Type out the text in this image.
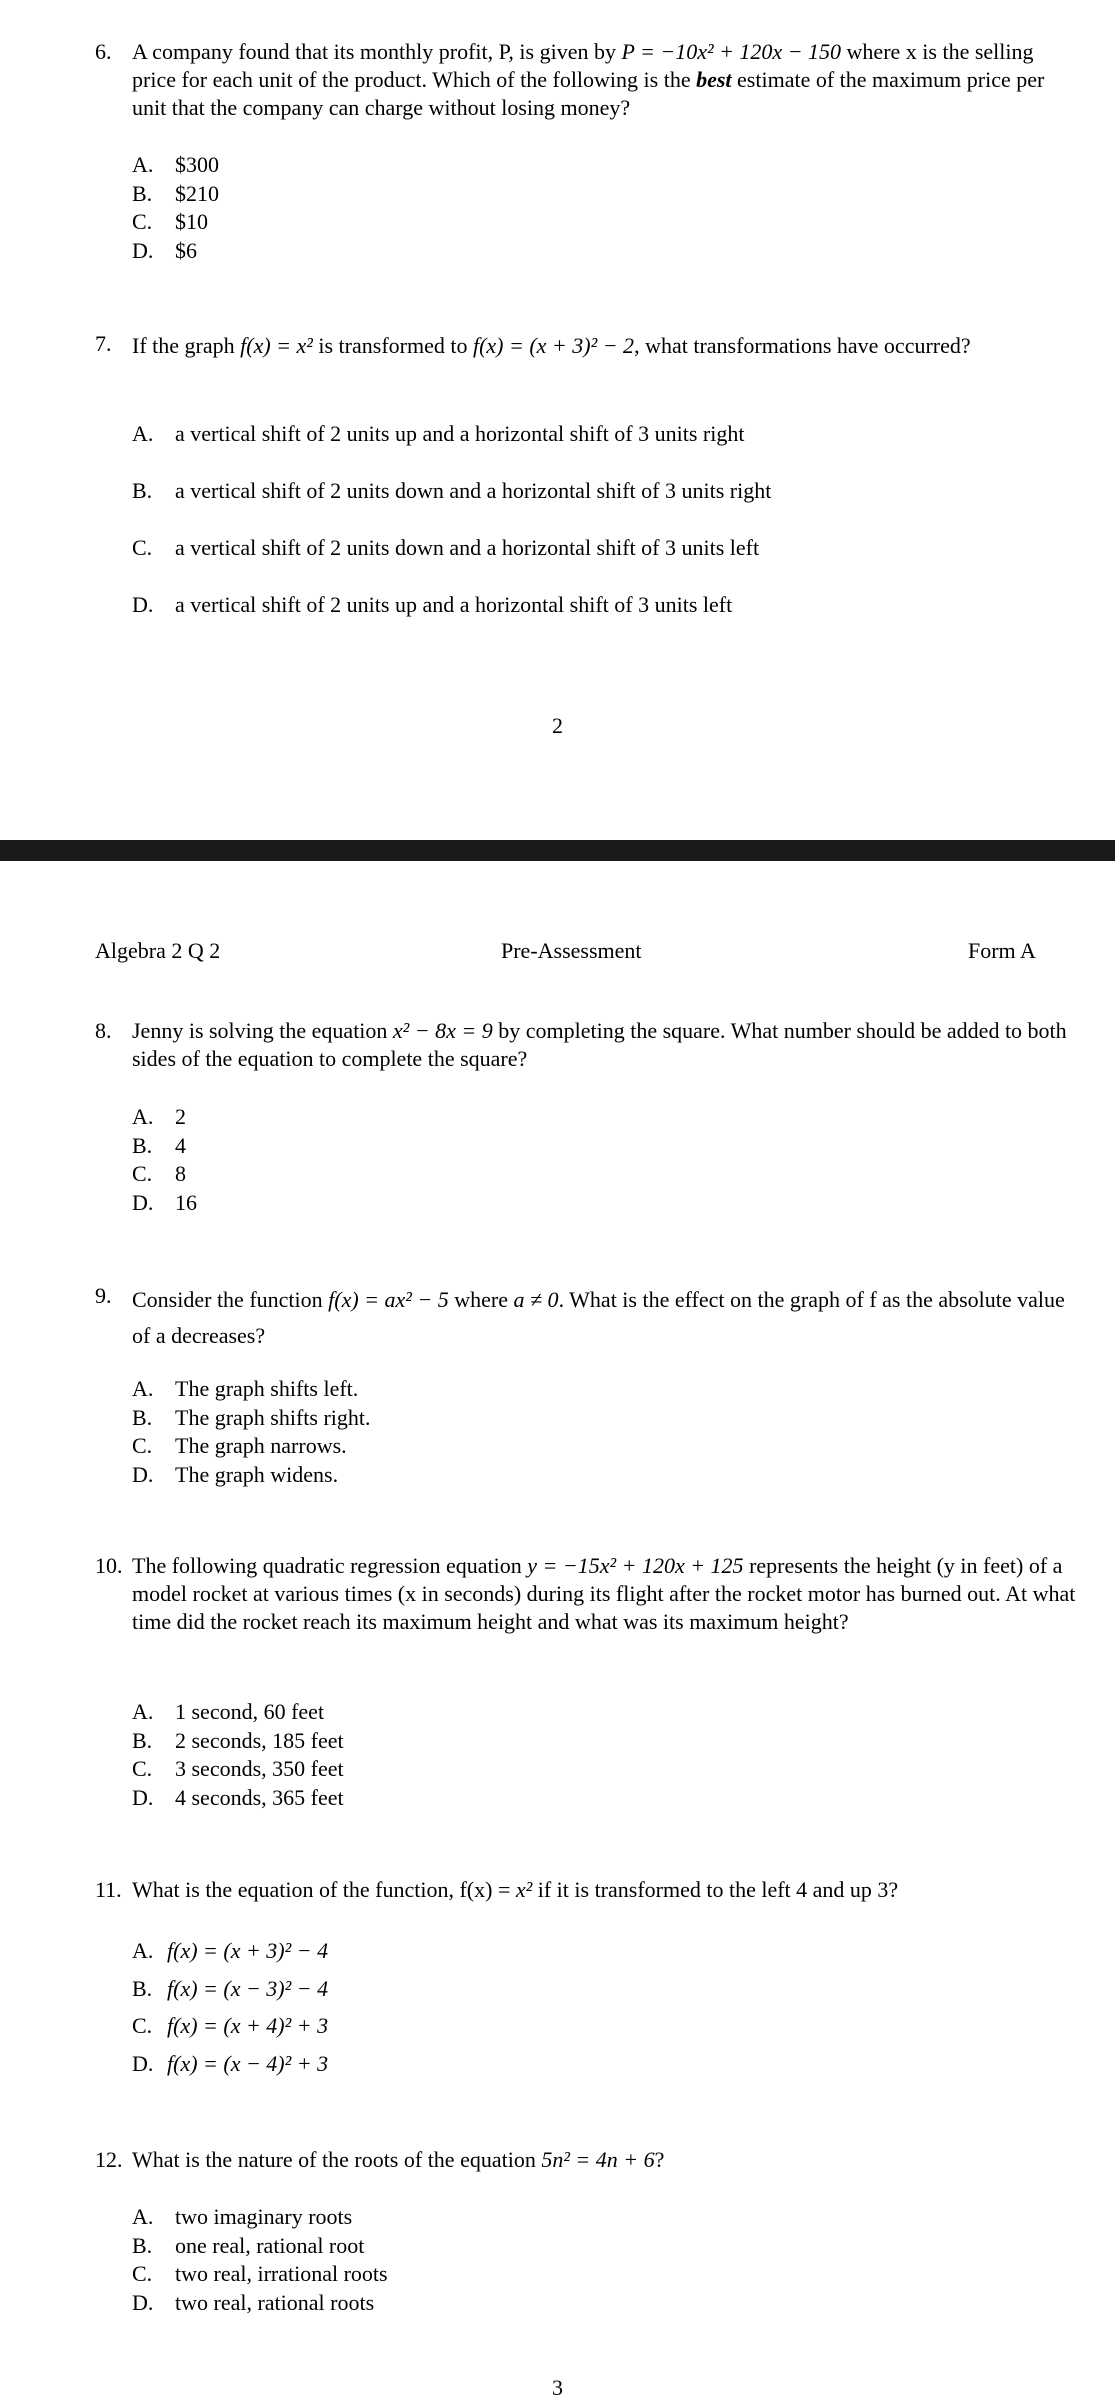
6. A company found that its monthly profit, P, is given by P = −10x² + 120x − 150 where x is the selling price for each unit of the product. Which of the following is the best estimate of the maximum price per unit that the company can charge without losing money?
A. $300
B. $210
C. $10
D. $6
7. If the graph f(x) = x² is transformed to f(x) = (x + 3)² − 2, what transformations have occurred?
A. a vertical shift of 2 units up and a horizontal shift of 3 units right
B. a vertical shift of 2 units down and a horizontal shift of 3 units right
C. a vertical shift of 2 units down and a horizontal shift of 3 units left
D. a vertical shift of 2 units up and a horizontal shift of 3 units left
2
Algebra 2 Q 2	Pre-Assessment	Form A
8. Jenny is solving the equation x² − 8x = 9 by completing the square. What number should be added to both sides of the equation to complete the square?
A. 2
B. 4
C. 8
D. 16
9. Consider the function f(x) = ax² − 5 where a ≠ 0. What is the effect on the graph of f as the absolute value of a decreases?
A. The graph shifts left.
B. The graph shifts right.
C. The graph narrows.
D. The graph widens.
10. The following quadratic regression equation y = −15x² + 120x + 125 represents the height (y in feet) of a model rocket at various times (x in seconds) during its flight after the rocket motor has burned out. At what time did the rocket reach its maximum height and what was its maximum height?
A. 1 second, 60 feet
B. 2 seconds, 185 feet
C. 3 seconds, 350 feet
D. 4 seconds, 365 feet
11. What is the equation of the function, f(x) = x² if it is transformed to the left 4 and up 3?
A. f(x) = (x + 3)² − 4
B. f(x) = (x − 3)² − 4
C. f(x) = (x + 4)² + 3
D. f(x) = (x − 4)² + 3
12. What is the nature of the roots of the equation 5n² = 4n + 6?
A. two imaginary roots
B. one real, rational root
C. two real, irrational roots
D. two real, rational roots
3
